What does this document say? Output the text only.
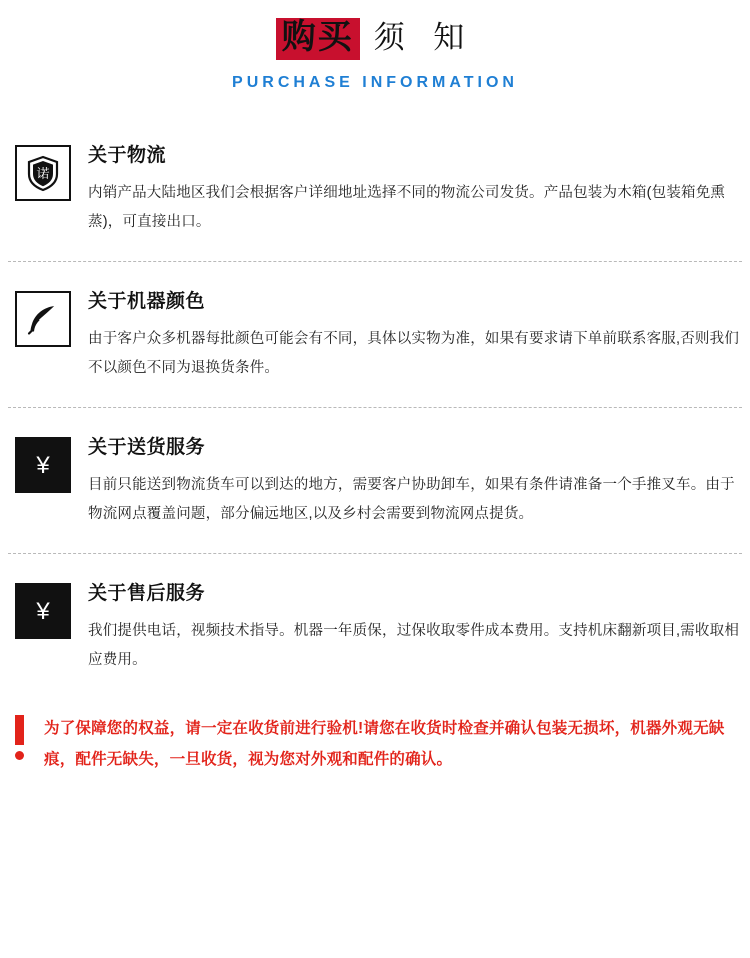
购买 须 知
PURCHASE INFORMATION
诺
关于物流

内销产品大陆地区我们会根据客户详细地址选择不同的物流公司发货。产品包装为木箱(包装箱免熏蒸)，可直接出口。

关于机器颜色

由于客户众多机器每批颜色可能会有不同，具体以实物为准，如果有要求请下单前联系客服,否则我们不以颜色不同为退换货条件。

¥
关于送货服务

目前只能送到物流货车可以到达的地方，需要客户协助卸车，如果有条件请准备一个手推叉车。由于物流网点覆盖问题，部分偏远地区,以及乡村会需要到物流网点提货。

¥
关于售后服务

我们提供电话，视频技术指导。机器一年质保，过保收取零件成本费用。支持机床翻新项目,需收取相应费用。

为了保障您的权益，请一定在收货前进行验机!请您在收货时检查并确认包装无损坏，机器外观无缺痕，配件无缺失，一旦收货，视为您对外观和配件的确认。
